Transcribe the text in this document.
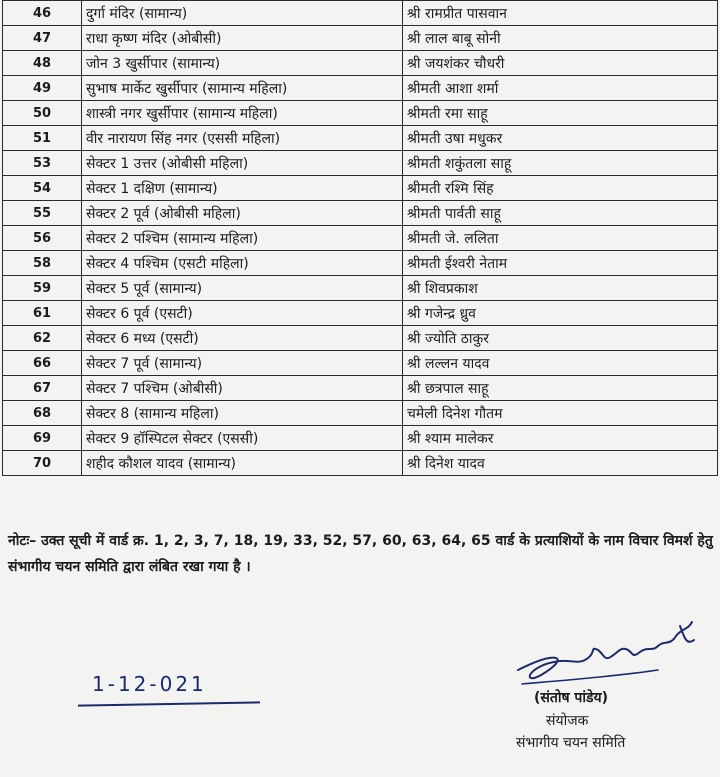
46	दुर्गा मंदिर (सामान्य)	श्री रामप्रीत पासवान
47	राधा कृष्ण मंदिर (ओबीसी)	श्री लाल बाबू सोनी
48	जोन 3 खुर्सीपार (सामान्य)	श्री जयशंकर चौधरी
49	सुभाष मार्केट खुर्सीपार (सामान्य महिला)	श्रीमती आशा शर्मा
50	शास्त्री नगर खुर्सीपार (सामान्य महिला)	श्रीमती रमा साहू
51	वीर नारायण सिंह नगर (एससी महिला)	श्रीमती उषा मधुकर
53	सेक्टर 1 उत्तर (ओबीसी महिला)	श्रीमती शकुंतला साहू
54	सेक्टर 1 दक्षिण (सामान्य)	श्रीमती रश्मि सिंह
55	सेक्टर 2 पूर्व (ओबीसी महिला)	श्रीमती पार्वती साहू
56	सेक्टर 2 पश्चिम (सामान्य महिला)	श्रीमती जे. ललिता
58	सेक्टर 4 पश्चिम (एसटी महिला)	श्रीमती ईश्वरी नेताम
59	सेक्टर 5 पूर्व (सामान्य)	श्री शिवप्रकाश
61	सेक्टर 6 पूर्व (एसटी)	श्री गजेन्द्र ध्रुव
62	सेक्टर 6 मध्य (एसटी)	श्री ज्योति ठाकुर
66	सेक्टर 7 पूर्व (सामान्य)	श्री लल्लन यादव
67	सेक्टर 7 पश्चिम (ओबीसी)	श्री छत्रपाल साहू
68	सेक्टर 8 (सामान्य महिला)	चमेली दिनेश गौतम
69	सेक्टर 9 हॉस्पिटल सेक्टर (एससी)	श्री श्याम मालेकर
70	शहीद कौशल यादव (सामान्य)	श्री दिनेश यादव
नोटः– उक्त सूची में वार्ड क्र. 1, 2, 3, 7, 18, 19, 33, 52, 57, 60, 63, 64, 65 वार्ड के प्रत्याशियों के नाम विचार विमर्श हेतु संभागीय चयन समिति द्वारा लंबित रखा गया है ।
1-12-021
(संतोष पांडेय)
संयोजक
संभागीय चयन समिति
